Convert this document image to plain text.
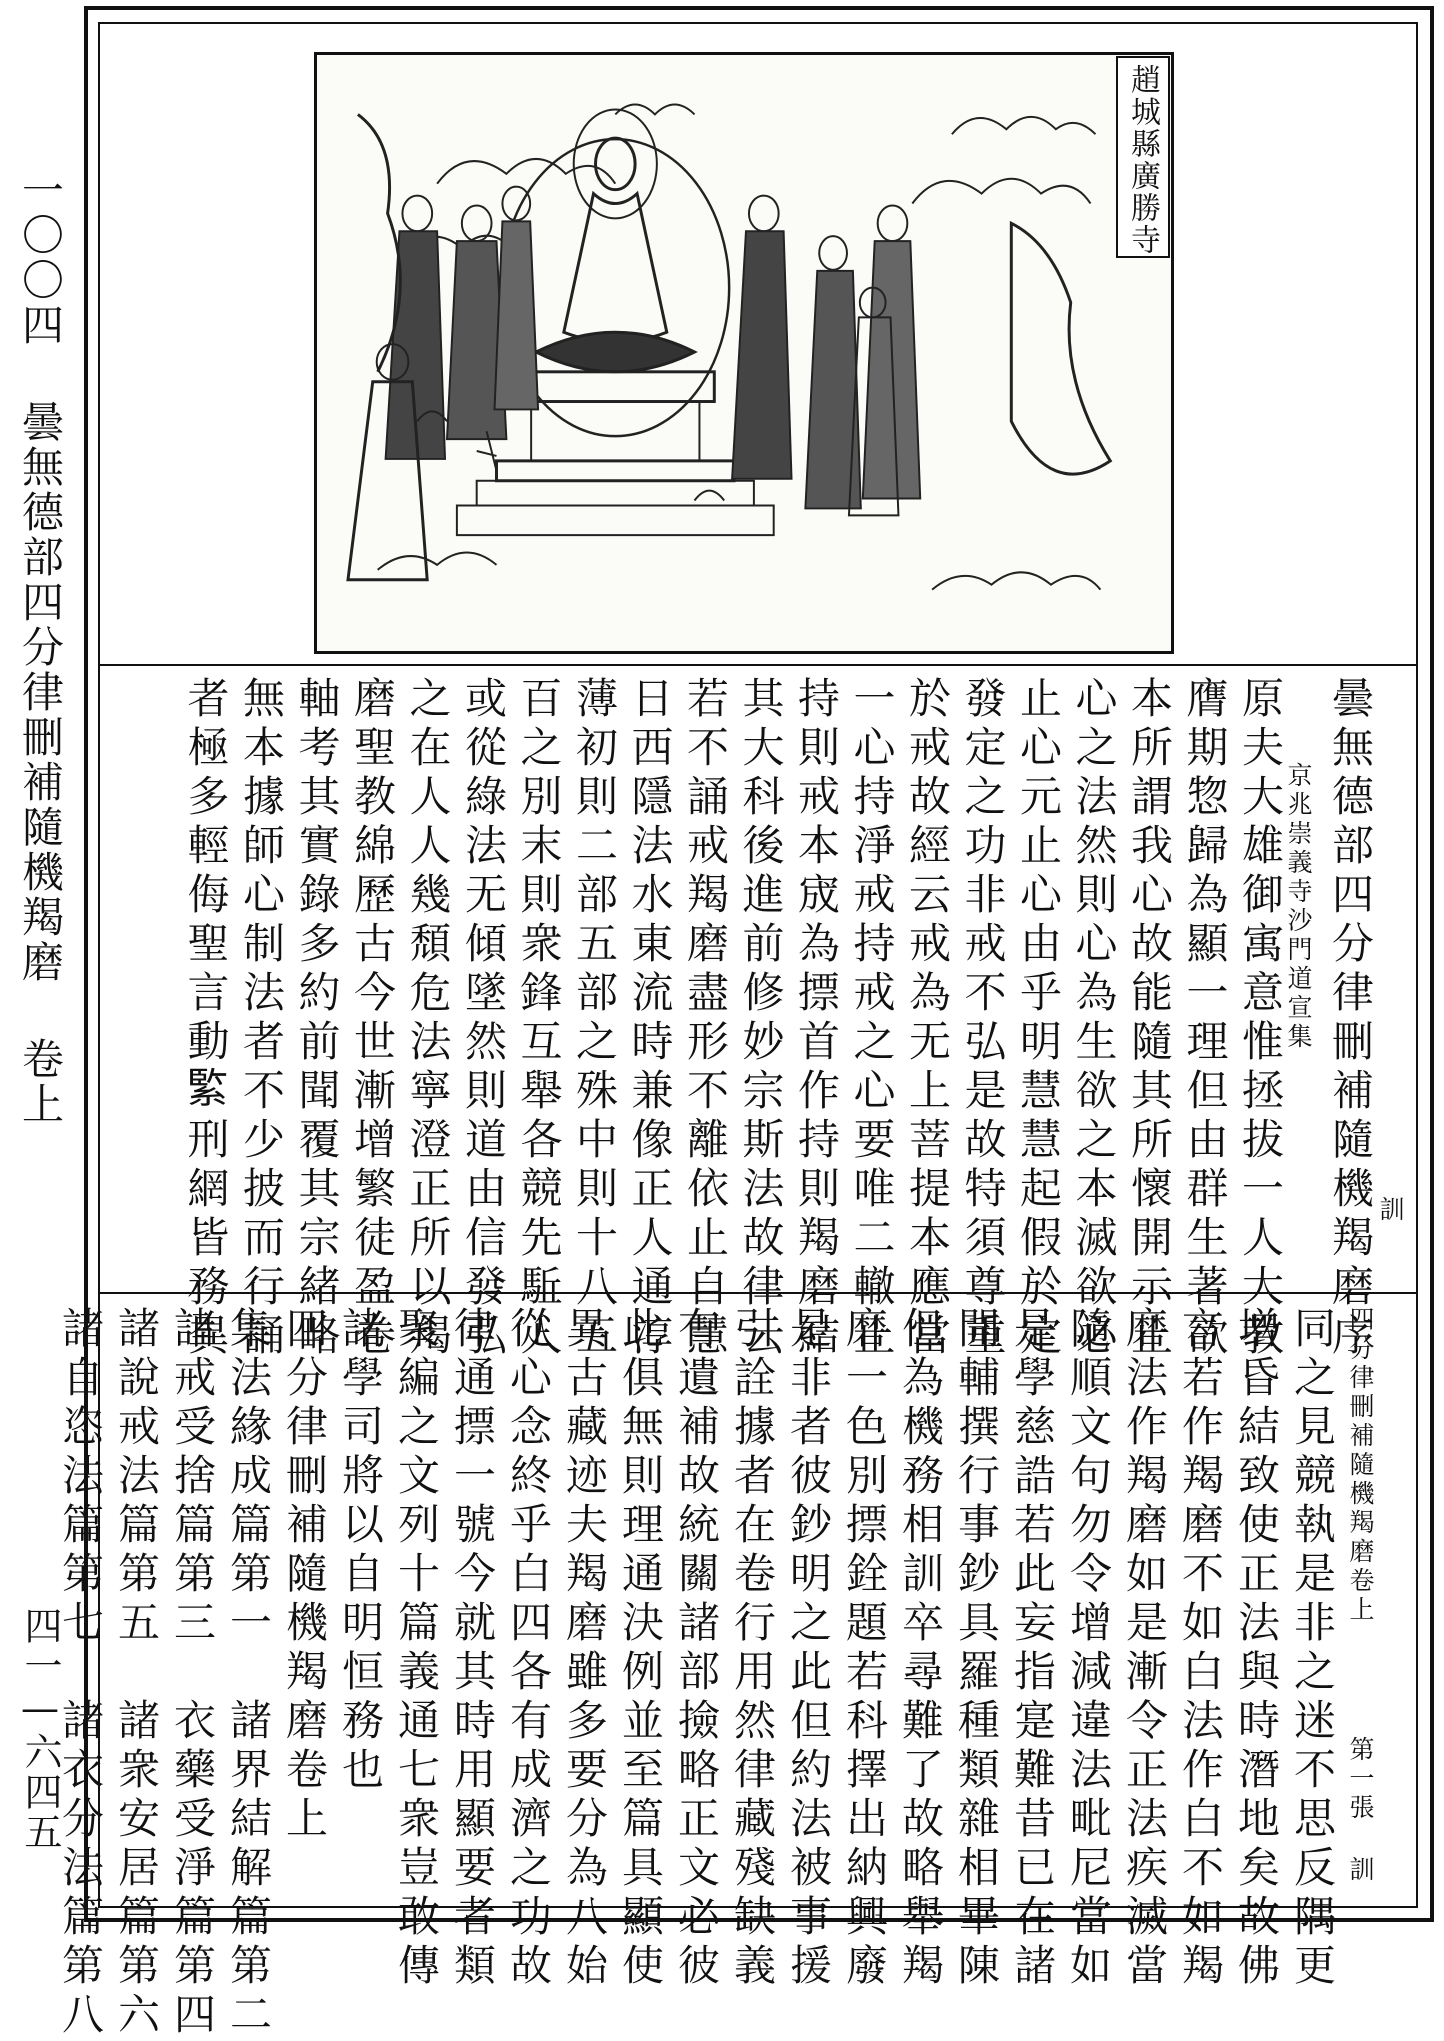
一〇〇四 曇無德部四分律刪補隨機羯磨 卷上
四一—六四五
趙城縣廣勝寺
曇無德部四分律刪補隨機羯磨序 訓
京兆崇義寺沙門道宣集
原夫大雄御㝢意惟拯拔一人大教
膺期惣歸為顯一理但由群生著欲
本所謂我心故能隨其所懷開示止
心之法然則心為生欲之本滅欲必
止心元止心由乎明慧慧起假於定
發定之功非戒不弘是故特須尊重
於戒故經云戒為无上菩提本應當
一心持淨戒持戒之心要唯二轍止
持則戒本宬為摽首作持則羯磨結
其大科後進前修妙宗斯法故律云
若不誦戒羯磨盡形不離依止自慧
日西隱法水東流時兼像正人通淳
薄初則二部五部之殊中則十八五
百之別末則衆鋒互舉各競先駈人
或從綠法无傾墜然則道由信發弘
之在人人幾頹危法寧澄正所以羯
磨聖教綿歷古今世漸增繁徒盈卷
軸考其實錄多約前聞覆其宗緒略
無本據師心制法者不少披而行誦
者極多輕侮聖言動𦂳刑網皆務異
四分律刪補隨機羯磨卷上
第一張 訓
同之見競執是非之迷不思反隅更
增昏結致使正法與時潛地矣故佛
言若作羯磨不如白法作白不如羯
磨法作羯磨如是漸令正法疾滅當
隨順文句勿令增減違法毗尼當如
是學慈誥若此妄指寔難昔已在諸
開輔撰行事鈔具羅種類雜相畢陳
但為機務相訓卒尋難了故略舉羯
磨一色別摽銓題若科擇出納興廢
是非者彼鈔明之此但約法被事援
引詮據者在卷行用然律藏殘缺義
有遺補故統關諸部撿略正文必彼
此俱無則理通決例並至篇具顯使
異古藏迹夫羯磨雖多要分為八始
從心念終乎白四各有成濟之功故
律通摽一號今就其時用顯要者類
聚編之文列十篇義通七衆豈敢傳
諸學司將以自明恒務也
四分律刪補隨機羯磨卷上
集法緣成篇第一　諸界結解篇第二
諸戒受捨篇第三　衣藥受淨篇第四
諸說戒法篇第五　諸衆安居篇第六
諸自恣法篇第七　諸衣分法篇第八
